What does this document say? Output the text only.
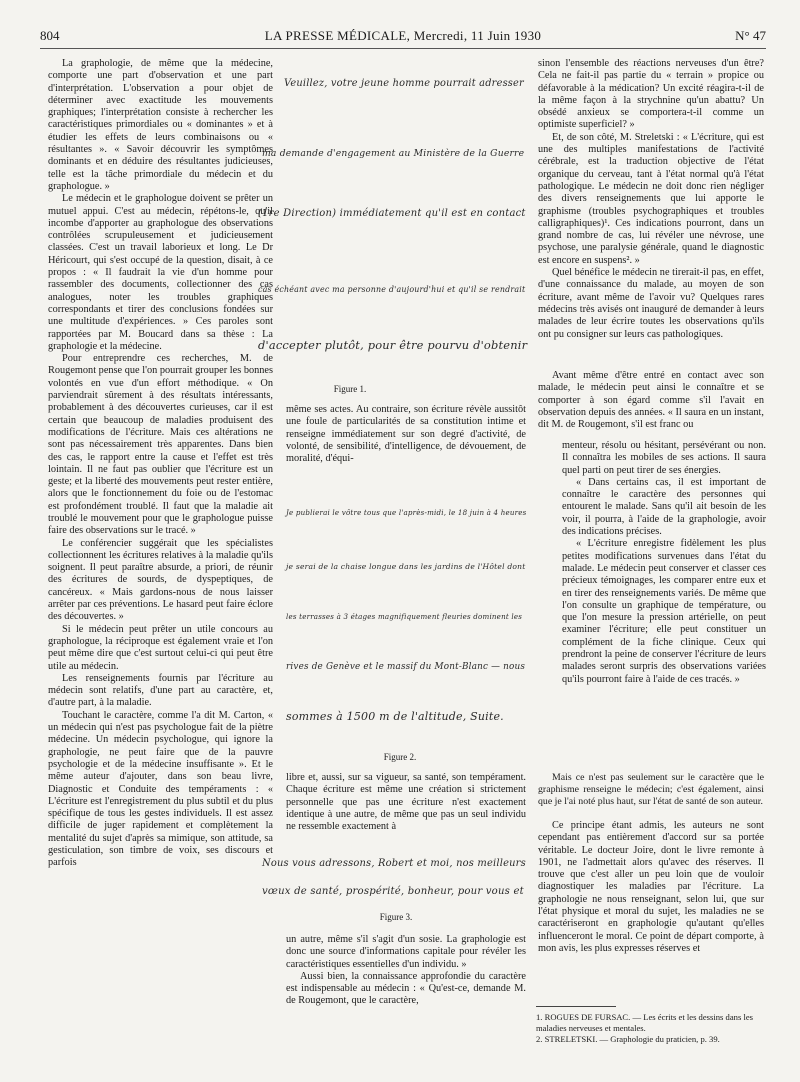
804	LA PRESSE MÉDICALE, Mercredi, 11 Juin 1930	N° 47

La graphologie, de même que la médecine, comporte une part d'observation et une part d'interprétation. L'observation a pour objet de déterminer avec exactitude les mouvements graphiques; l'interprétation consiste à rechercher les caractéristiques primordiales ou « dominantes » et à étudier les effets de leurs combinaisons ou « résultantes ». « Savoir découvrir les symptômes dominants et en déduire des résultantes judicieuses, telle est la tâche primordiale du médecin et du graphologue. »

Le médecin et le graphologue doivent se prêter un mutuel appui. C'est au médecin, répétons-le, qu'il incombe d'apporter au graphologue des observations contrôlées scrupuleusement et judicieusement classées. C'est un travail laborieux et long. Le Dr Héricourt, qui s'est occupé de la question, disait, à ce propos : « Il faudrait la vie d'un homme pour rassembler des documents, collectionner des cas analogues, noter les troubles graphiques correspondants et tirer des conclusions fondées sur une multitude d'expériences. » Ces paroles sont rapportées par M. Boucard dans sa thèse : La graphologie et la médecine.

Pour entreprendre ces recherches, M. de Rougemont pense que l'on pourrait grouper les bonnes volontés en vue d'un effort méthodique. « On parviendrait sûrement à des résultats intéressants, probablement à des découvertes curieuses, car il est certain que beaucoup de maladies produisent des modifications de l'écriture. Mais ces altérations ne sont pas nécessairement très apparentes. Dans bien des cas, le rapport entre la cause et l'effet est très lointain. Il ne faut pas oublier que l'écriture est un geste; et la liberté des mouvements peut rester entière, alors que le fonctionnement du foie ou de l'estomac est profondément troublé. Il faut que la maladie ait troublé le mouvement pour que le graphologue puisse faire des observations sur le tracé. »

Le conférencier suggérait que les spécialistes collectionnent les écritures relatives à la maladie qu'ils soignent. Il peut paraître absurde, a priori, de réunir des écritures de sourds, de dyspeptiques, de cancéreux. « Mais gardons-nous de nous laisser arrêter par ces préventions. Le hasard peut faire éclore des découvertes. »

Si le médecin peut prêter un utile concours au graphologue, la réciproque est également vraie et l'on peut même dire que c'est surtout celui-ci qui peut être utile au médecin.

Les renseignements fournis par l'écriture au médecin sont relatifs, d'une part au caractère, et, d'autre part, à la maladie.

Touchant le caractère, comme l'a dit M. Carton, « un médecin qui n'est pas psychologue fait de la piètre médecine. Un médecin psychologue, qui ignore la graphologie, ne peut faire que de la pauvre psychologie et de la médecine insuffisante ». Et le même auteur d'ajouter, dans son beau livre, Diagnostic et Conduite des tempéraments : « L'écriture est l'enregistrement du plus subtil et du plus spécifique de tous les gestes individuels. Il est assez difficile de juger rapidement et complètement la mentalité du sujet d'après sa mimique, son attitude, sa gesticulation, son timbre de voix, ses discours et parfois

Veuillez, votre jeune homme pourrait adresser
ma demande d'engagement au Ministère de la Guerre
(1re Direction) immédiatement qu'il est en contact
cas échéant avec ma personne d'aujourd'hui et qu'il se rendrait
d'accepter plutôt, pour être pourvu d'obtenir
Figure 1.

même ses actes. Au contraire, son écriture révèle aussitôt une foule de particularités de sa constitution intime et renseigne immédiatement sur son degré d'activité, de volonté, de sensibilité, d'intelligence, de dévouement, de moralité, d'équi-

Je publierai le vôtre tous que l'après-midi, le 18 juin à 4 heures
je serai de la chaise longue dans les jardins de l'Hôtel dont
les terrasses à 3 étages magnifiquement fleuries dominent les
rives de Genève et le massif du Mont-Blanc — nous
sommes à 1500 m de l'altitude, Suite.
Figure 2.

libre et, aussi, sur sa vigueur, sa santé, son tempérament. Chaque écriture est même une création si strictement personnelle que pas une écriture n'est exactement identique à une autre, de même que pas un seul individu ne ressemble exactement à

Nous vous adressons, Robert et moi, nos meilleurs
vœux de santé, prospérité, bonheur, pour vous et
Figure 3.

un autre, même s'il s'agit d'un sosie. La graphologie est donc une source d'informations capitale pour révéler les caractéristiques essentielles d'un individu. »

Aussi bien, la connaissance approfondie du caractère est indispensable au médecin : « Qu'est-ce, demande M. de Rougemont, que le caractère,

sinon l'ensemble des réactions nerveuses d'un être? Cela ne fait-il pas partie du « terrain » propice ou défavorable à la médication? Un excité réagira-t-il de la même façon à la strychnine qu'un abattu? Un obsédé anxieux se comportera-t-il comme un optimiste superficiel? »

Et, de son côté, M. Streletski : « L'écriture, qui est une des multiples manifestations de l'activité cérébrale, est la traduction objective de l'état organique du cerveau, tant à l'état normal qu'à l'état pathologique. Le médecin ne doit donc rien négliger des divers renseignements que lui apporte le graphisme (troubles psychographiques et troubles calligraphiques)¹. Ces indications pourront, dans un grand nombre de cas, lui révéler une névrose, une psychose, une paralysie générale, quand le diagnostic est encore en suspens². »

Quel bénéfice le médecin ne tirerait-il pas, en effet, d'une connaissance du malade, au moyen de son écriture, avant même de l'avoir vu? Quelques rares médecins très avisés ont inauguré de demander à leurs malades de leur écrire toutes les observations qu'ils ont pu consigner sur leurs cas pathologiques.

Avant même d'être entré en contact avec son malade, le médecin peut ainsi le connaître et se comporter à son égard comme s'il l'avait en observation depuis des années. « Il saura en un instant, dit M. de Rougemont, s'il est franc ou

menteur, résolu ou hésitant, persévérant ou non. Il connaîtra les mobiles de ses actions. Il saura quel parti on peut tirer de ses énergies.

« Dans certains cas, il est important de connaître le caractère des personnes qui entourent le malade. Sans qu'il ait besoin de les voir, il pourra, à l'aide de la graphologie, avoir des indications précises.

« L'écriture enregistre fidèlement les plus petites modifications survenues dans l'état du malade. Le médecin peut conserver et classer ces précieux témoignages, les comparer entre eux et en tirer des renseignements variés. De même que l'on consulte un graphique de température, ou que l'on mesure la pression artérielle, on peut examiner l'écriture; elle peut constituer un complément de la fiche clinique. Ceux qui prendront la peine de conserver l'écriture de leurs malades seront surpris des observations variées qu'ils pourront faire à l'aide de ces tracés. »

Mais ce n'est pas seulement sur le caractère que le graphisme renseigne le médecin; c'est également, ainsi que je l'ai noté plus haut, sur l'état de santé de son auteur.

Ce principe étant admis, les auteurs ne sont cependant pas entièrement d'accord sur sa portée véritable. Le docteur Joire, dont le livre remonte à 1901, ne l'admettait alors qu'avec des réserves. Il trouve que c'est aller un peu loin que de vouloir diagnostiquer les maladies par l'écriture. La graphologie ne nous renseignant, selon lui, que sur l'état physique et moral du sujet, les maladies ne se caractériseront en graphologie qu'autant qu'elles influenceront le moral. Ce point de départ comporte, à mon avis, les plus expresses réserves et

1. ROGUES DE FURSAC. — Les écrits et les dessins dans les maladies nerveuses et mentales.

2. STRELETSKI. — Graphologie du praticien, p. 39.
